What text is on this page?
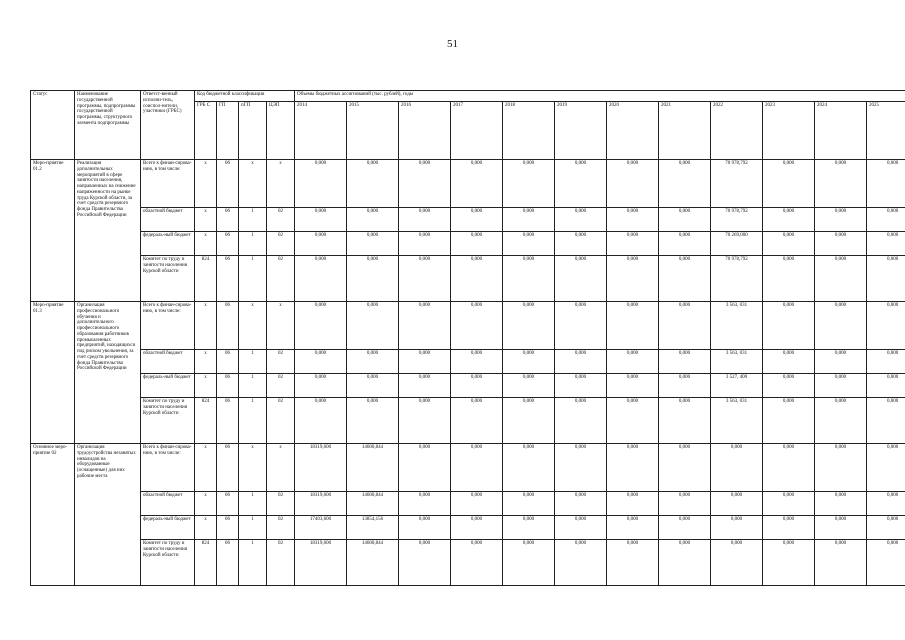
51
Статус	Наименование государственной программы, подпрограммы государственной программы, структурного элемента подпрограммы	Ответст-венный исполни-тель, соиспол-нители, участники (ГРБС)	Код бюджетной классификации				Объемы бюджетных ассигнований (тыс. рублей), годы											
			ГРБ С	ГП	пГП	ЦЭП	2014	2015	2016	2017	2018	2019	2020	2021	2022	2023	2024	2025
Меро-приятие 01.2	Реализация дополнительных мероприятий в сфере занятости населения, направленных на снижение напряженности на рынке труда Курской области, за счет средств резервного фонда Правительства Российской Федерации	Всего к финан-сирова-нию, в том числе:	х	06	х	х	0,000	0,000	0,000	0,000	0,000	0,000	0,000	0,000	70 978,792	0,000	0,000	0,000
		областной бюджет	х	06	1	02	0,000	0,000	0,000	0,000	0,000	0,000	0,000	0,000	70 978,792	0,000	0,000	0,000
		федераль-ный бюджет	х	06	1	02	0,000	0,000	0,000	0,000	0,000	0,000	0,000	0,000	70 269,000	0,000	0,000	0,000
		Комитет по труду и занятости населения Курской области	824	06	1	02	0,000	0,000	0,000	0,000	0,000	0,000	0,000	0,000	70 978,792	0,000	0,000	0,000
Меро-приятие 01.3	Организация профессионального обучения и дополнительного профессионального образования работников промышленных предприятий, находящихся под риском увольнения, за счет средств резервного фонда Правительства Российской Федерации	Всего к финан-сирова-нию, в том числе:	х	06	х	х	0,000	0,000	0,000	0,000	0,000	0,000	0,000	0,000	3 563, 031	0,000	0,000	0,000
		областной бюджет	х	06	1	02	0,000	0,000	0,000	0,000	0,000	0,000	0,000	0,000	3 563, 031	0,000	0,000	0,000
		федераль-ный бюджет	х	06	1	02	0,000	0,000	0,000	0,000	0,000	0,000	0,000	0,000	3 527, 400	0,000	0,000	0,000
		Комитет по труду и занятости населения Курской области	824	06	1	02	0,000	0,000	0,000	0,000	0,000	0,000	0,000	0,000	3 563, 031	0,000	0,000	0,000
Основное меро-приятие 02	Организация трудоустройства незанятых инвалидов на оборудованные (оснащенные) для них рабочие места	Всего к финан-сирова-нию, в том числе:	х	06	х	х	18319,600	14600,844	0,000	0,000	0,000	0,000	0,000	0,000	0,000	0,000	0,000	0,000
		областной бюджет	х	06	1	02	18319,600	14600,844	0,000	0,000	0,000	0,000	0,000	0,000	0,000	0,000	0,000	0,000
		федераль-ный бюджет	х	06	1	02	17403,600	13854,156	0,000	0,000	0,000	0,000	0,000	0,000	0,000	0,000	0,000	0,000
		Комитет по труду и занятости населения Курской области	824	06	1	02	18319,600	14600,844	0,000	0,000	0,000	0,000	0,000	0,000	0,000	0,000	0,000	0,000
